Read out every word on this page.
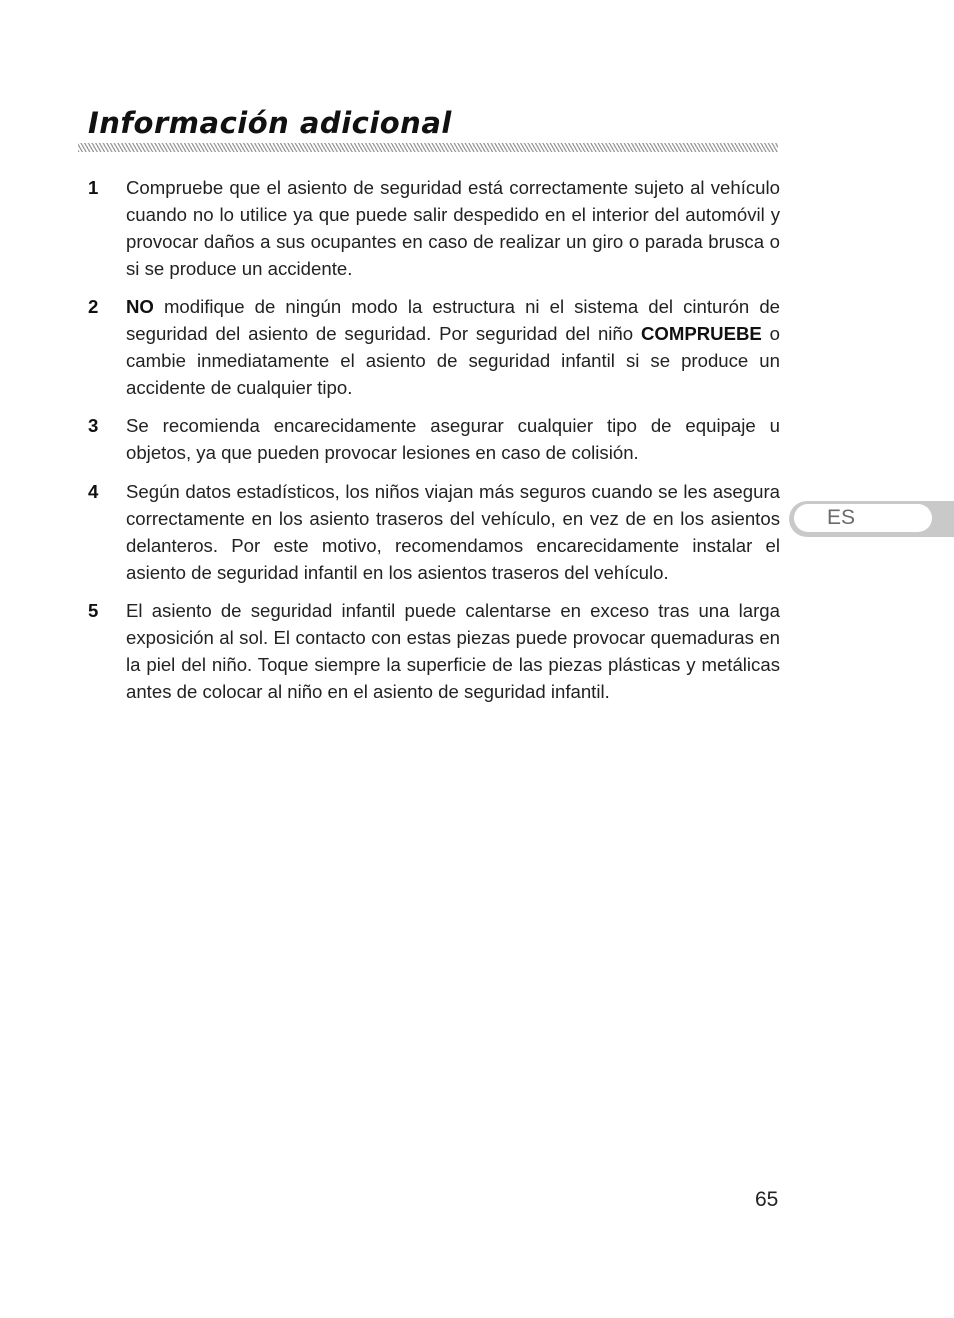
Información adicional
1 Compruebe que el asiento de seguridad está correctamente sujeto al vehículo cuando no lo utilice ya que puede salir despedido en el interior del automóvil y provocar daños a sus ocupantes en caso de realizar un giro o parada brusca o si se produce un accidente.
2 NO modifique de ningún modo la estructura ni el sistema del cinturón de seguridad del asiento de seguridad. Por seguridad del niño COMPRUEBE o cambie inmediatamente el asiento de seguridad infantil si se produce un accidente de cualquier tipo.
3 Se recomienda encarecidamente asegurar cualquier tipo de equipaje u objetos, ya que pueden provocar lesiones en caso de colisión.
4 Según datos estadísticos, los niños viajan más seguros cuando se les asegura correctamente en los asiento traseros del vehículo, en vez de en los asientos delanteros. Por este motivo, recomendamos encarecidamente instalar el asiento de seguridad infantil en los asientos traseros del vehículo.
5 El asiento de seguridad infantil puede calentarse en exceso tras una larga exposición al sol. El contacto con estas piezas puede provocar quemaduras en la piel del niño. Toque siempre la superficie de las piezas plásticas y metálicas antes de colocar al niño en el asiento de seguridad infantil.
ES
65
